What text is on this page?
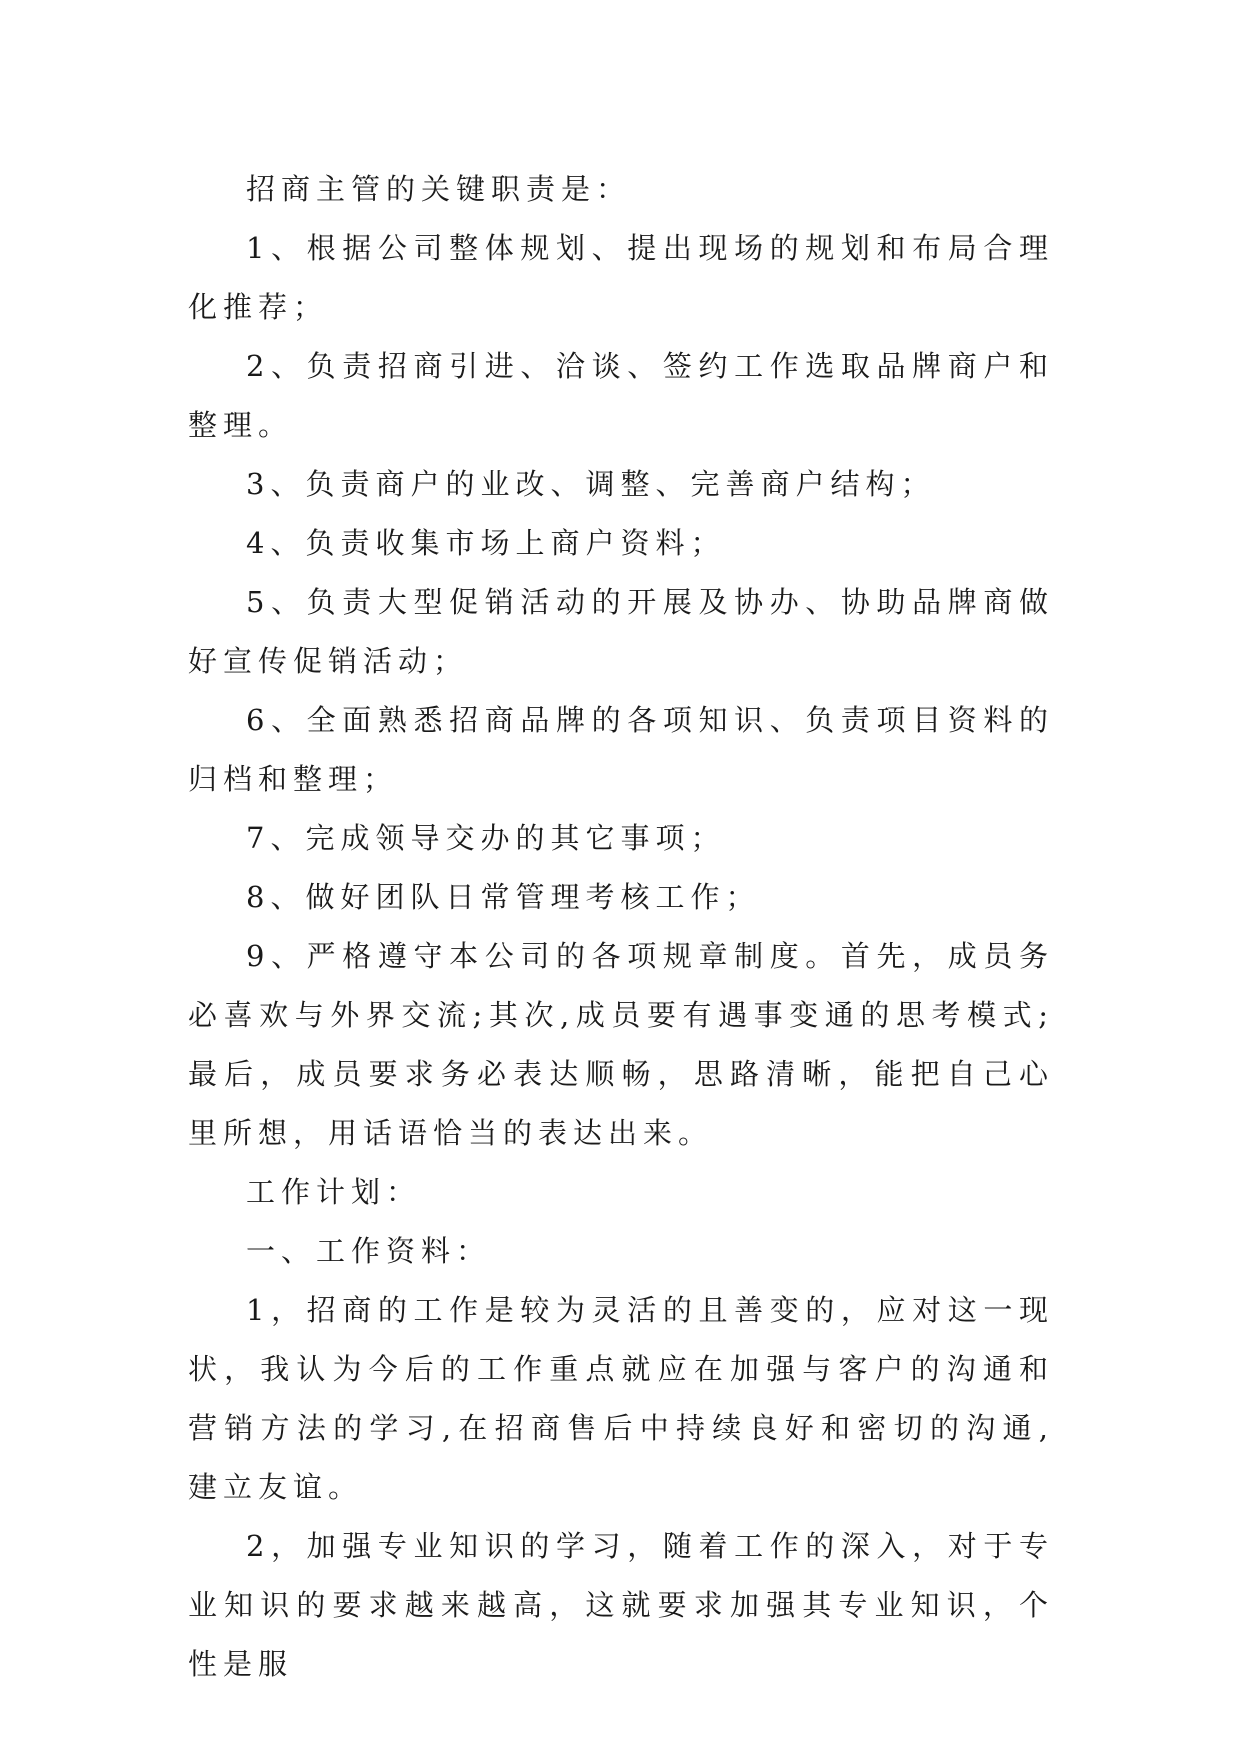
招商主管的关键职责是：

1、根据公司整体规划、提出现场的规划和布局合理化推荐；

2、负责招商引进、洽谈、签约工作选取品牌商户和整理。

3、负责商户的业改、调整、完善商户结构；

4、负责收集市场上商户资料；

5、负责大型促销活动的开展及协办、协助品牌商做好宣传促销活动；

6、全面熟悉招商品牌的各项知识、负责项目资料的归档和整理；

7、完成领导交办的其它事项；

8、做好团队日常管理考核工作；

9、严格遵守本公司的各项规章制度。首先，成员务必喜欢与外界交流;其次,成员要有遇事变通的思考模式;最后，成员要求务必表达顺畅，思路清晰，能把自己心里所想，用话语恰当的表达出来。

工作计划：

一、工作资料：

1，招商的工作是较为灵活的且善变的，应对这一现状，我认为今后的工作重点就应在加强与客户的沟通和营销方法的学习,在招商售后中持续良好和密切的沟通,建立友谊。

2，加强专业知识的学习，随着工作的深入，对于专业知识的要求越来越高，这就要求加强其专业知识，个性是服
